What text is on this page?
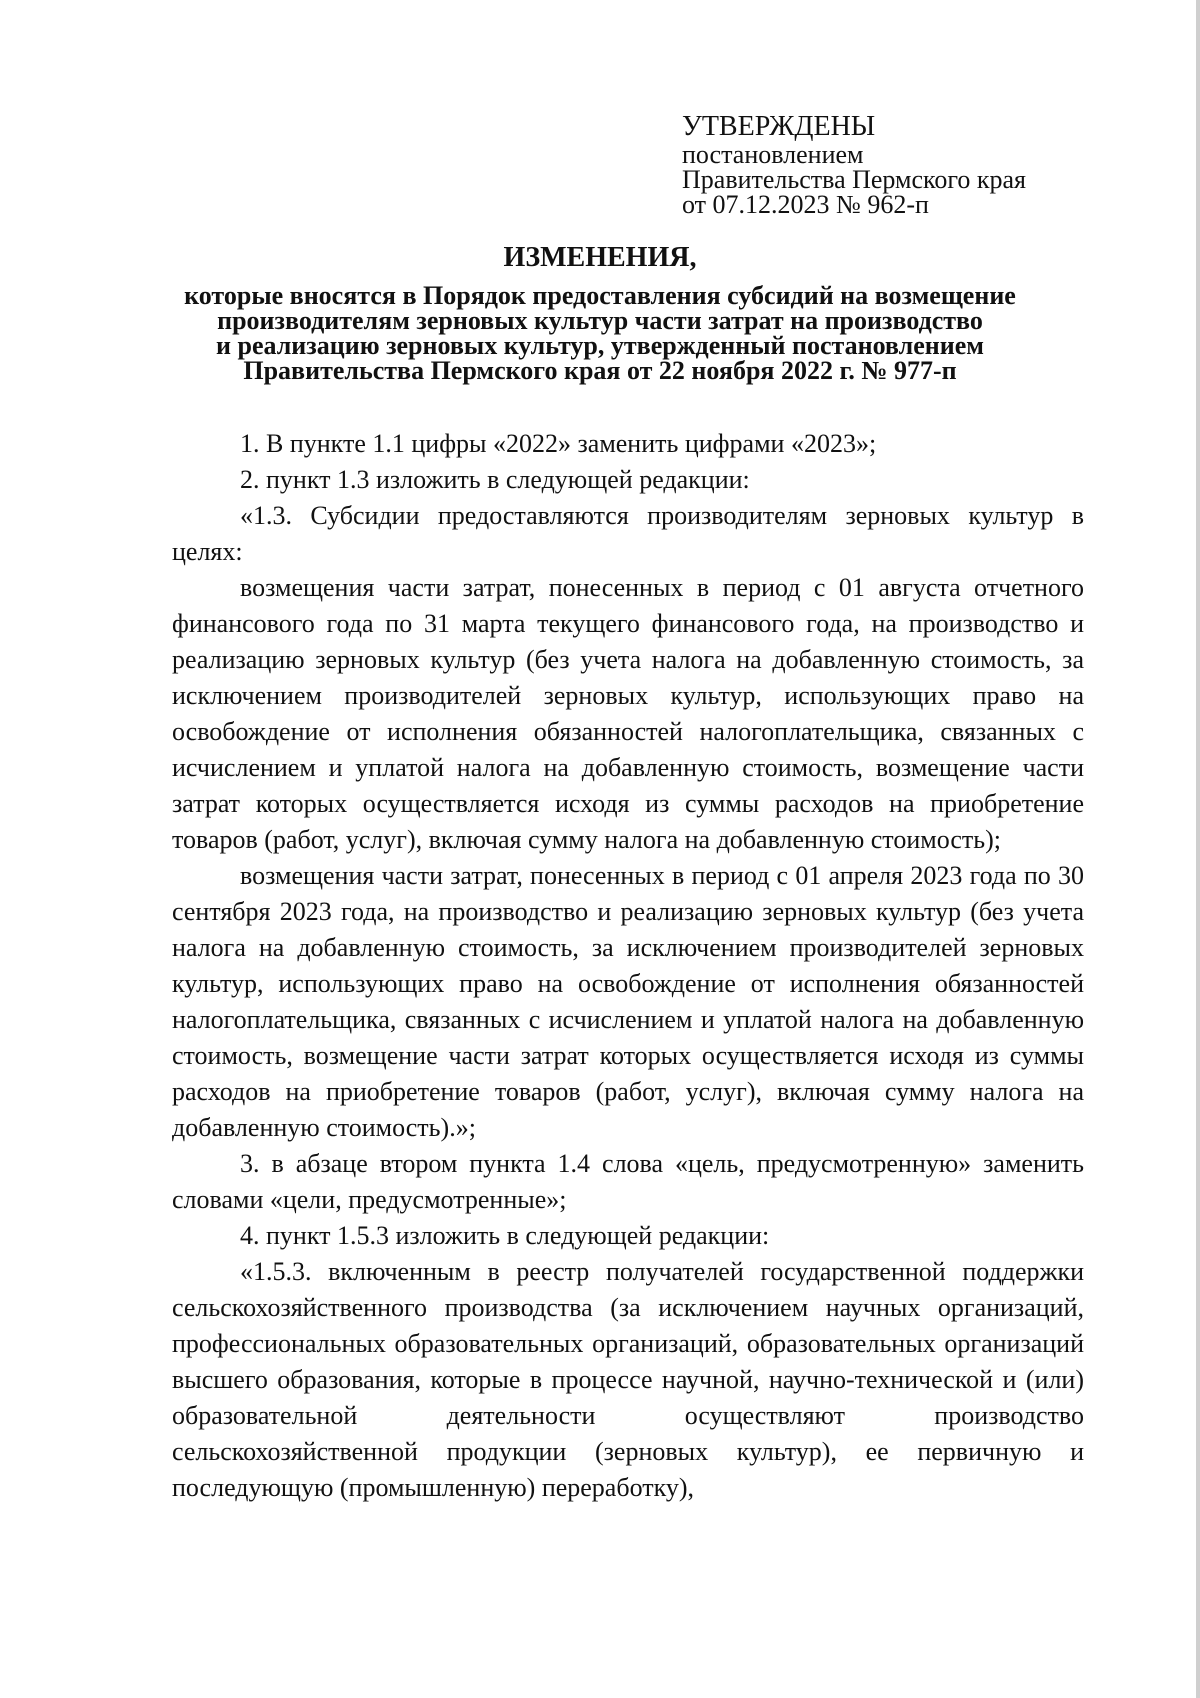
УТВЕРЖДЕНЫ
постановлением
Правительства Пермского края
от 07.12.2023 № 962-п
ИЗМЕНЕНИЯ,
которые вносятся в Порядок предоставления субсидий на возмещение
производителям зерновых культур части затрат на производство
и реализацию зерновых культур, утвержденный постановлением
Правительства Пермского края от 22 ноября 2022 г. № 977-п

1. В пункте 1.1 цифры «2022» заменить цифрами «2023»;

2. пункт 1.3 изложить в следующей редакции:

«1.3. Субсидии предоставляются производителям зерновых культур в целях:

возмещения части затрат, понесенных в период с 01 августа отчетного финансового года по 31 марта текущего финансового года, на производство и реализацию зерновых культур (без учета налога на добавленную стоимость, за исключением производителей зерновых культур, использующих право на освобождение от исполнения обязанностей налогоплательщика, связанных с исчислением и уплатой налога на добавленную стоимость, возмещение части затрат которых осуществляется исходя из суммы расходов на приобретение товаров (работ, услуг), включая сумму налога на добавленную стоимость);

возмещения части затрат, понесенных в период с 01 апреля 2023 года по 30 сентября 2023 года, на производство и реализацию зерновых культур (без учета налога на добавленную стоимость, за исключением производителей зерновых культур, использующих право на освобождение от исполнения обязанностей налогоплательщика, связанных с исчислением и уплатой налога на добавленную стоимость, возмещение части затрат которых осуществляется исходя из суммы расходов на приобретение товаров (работ, услуг), включая сумму налога на добавленную стоимость).»;

3. в абзаце втором пункта 1.4 слова «цель, предусмотренную» заменить словами «цели, предусмотренные»;

4. пункт 1.5.3 изложить в следующей редакции:

«1.5.3. включенным в реестр получателей государственной поддержки сельскохозяйственного производства (за исключением научных организаций, профессиональных образовательных организаций, образовательных организаций высшего образования, которые в процессе научной, научно-технической и (или) образовательной деятельности осуществляют производство сельскохозяйственной продукции (зерновых культур), ее первичную и последующую (промышленную) переработку),
